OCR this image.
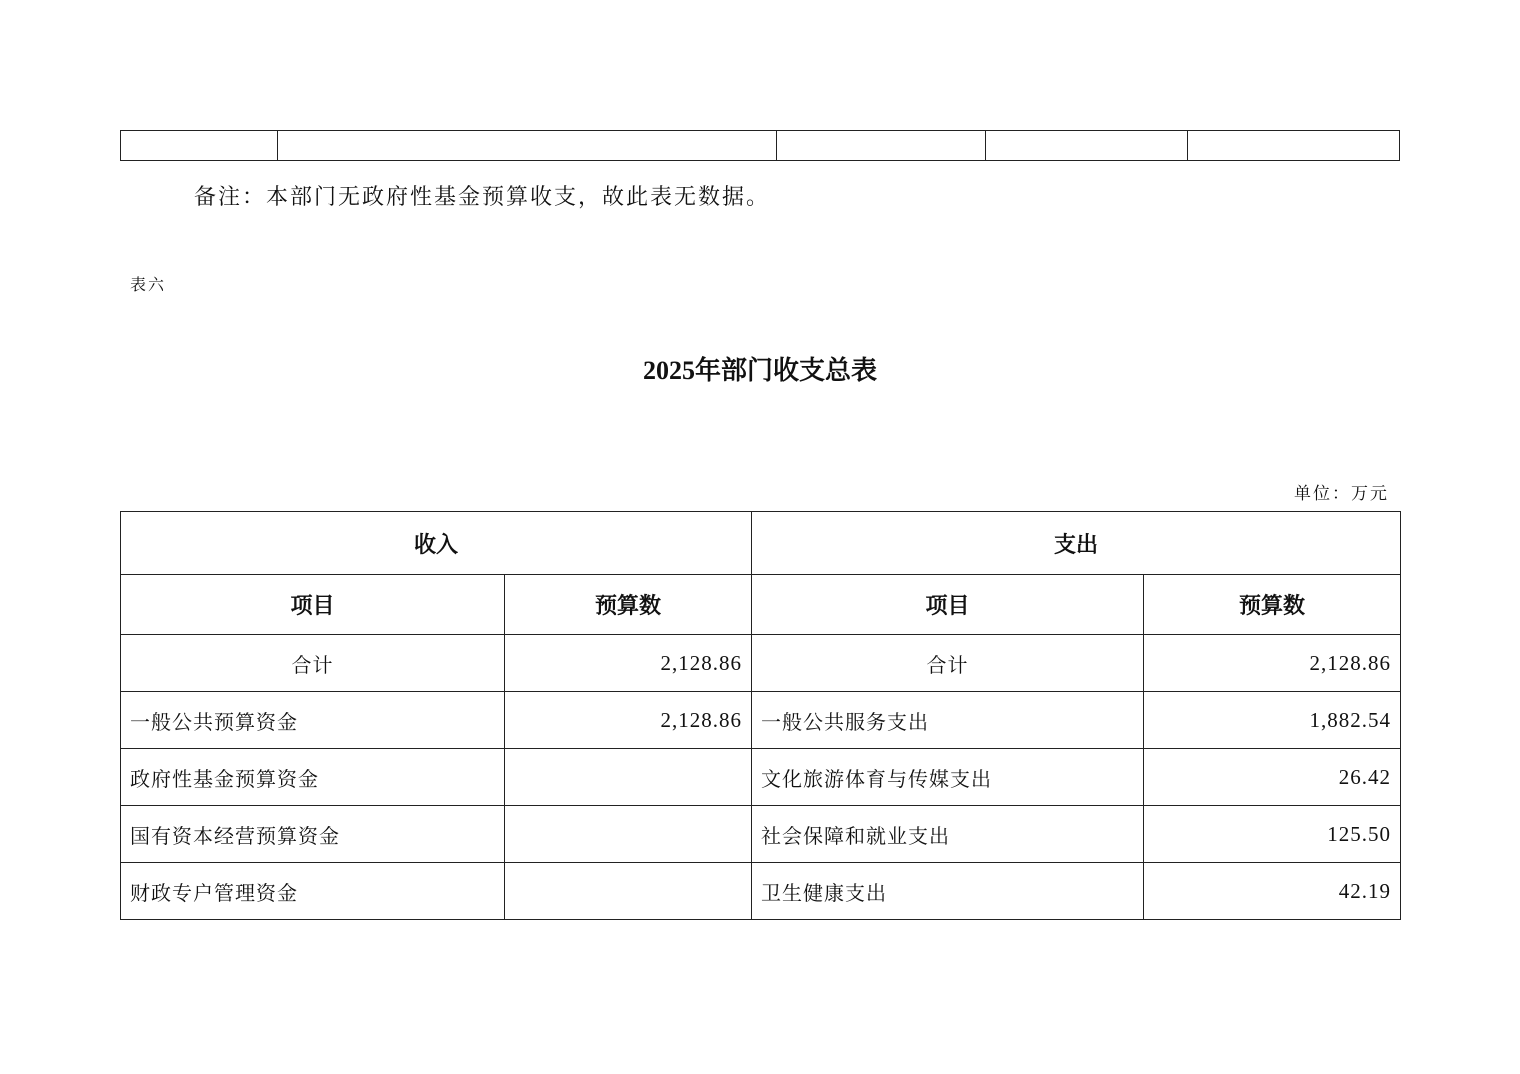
备注：本部门无政府性基金预算收支，故此表无数据。
表六
2025年部门收支总表
单位：万元
收入		支出	
项目	预算数	项目	预算数
合计	2,128.86	合计	2,128.86
一般公共预算资金	2,128.86	一般公共服务支出	1,882.54
政府性基金预算资金		文化旅游体育与传媒支出	26.42
国有资本经营预算资金		社会保障和就业支出	125.50
财政专户管理资金		卫生健康支出	42.19
